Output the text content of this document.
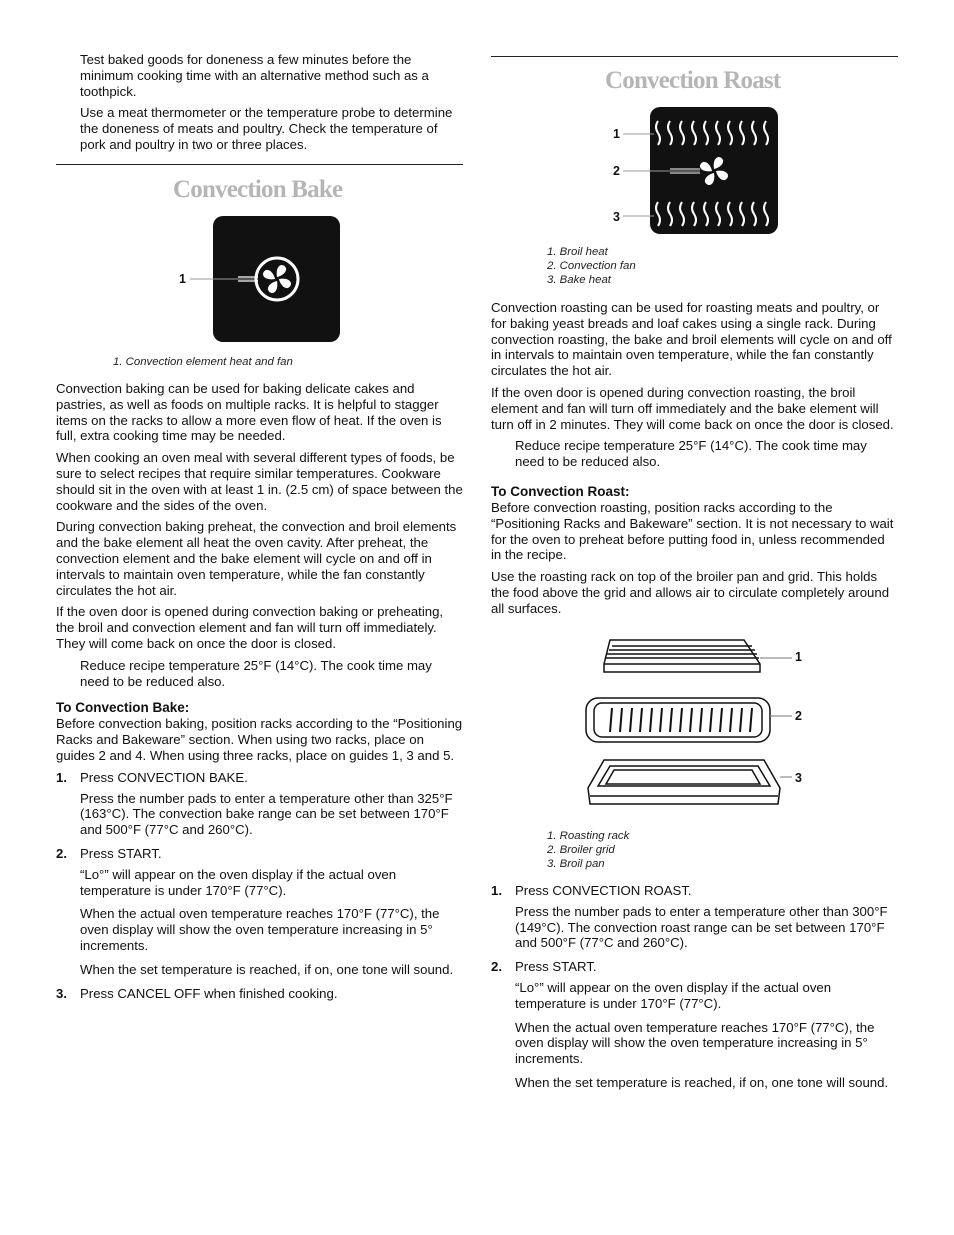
Test baked goods for doneness a few minutes before the minimum cooking time with an alternative method such as a toothpick.

Use a meat thermometer or the temperature probe to determine the doneness of meats and poultry. Check the temperature of pork and poultry in two or three places.

Convection Bake
1
1. Convection element heat and fan

Convection baking can be used for baking delicate cakes and pastries, as well as foods on multiple racks. It is helpful to stagger items on the racks to allow a more even flow of heat. If the oven is full, extra cooking time may be needed.

When cooking an oven meal with several different types of foods, be sure to select recipes that require similar temperatures. Cookware should sit in the oven with at least 1 in. (2.5 cm) of space between the cookware and the sides of the oven.

During convection baking preheat, the convection and broil elements and the bake element all heat the oven cavity. After preheat, the convection element and the bake element will cycle on and off in intervals to maintain oven temperature, while the fan constantly circulates the hot air.

If the oven door is opened during convection baking or preheating, the broil and convection element and fan will turn off immediately. They will come back on once the door is closed.

Reduce recipe temperature 25°F (14°C). The cook time may need to be reduced also.

To Convection Bake:

Before convection baking, position racks according to the “Positioning Racks and Bakeware” section. When using two racks, place on guides 2 and 4. When using three racks, place on guides 1, 3 and 5.

1. Press CONVECTION BAKE.

Press the number pads to enter a temperature other than 325°F (163°C). The convection bake range can be set between 170°F and 500°F (77°C and 260°C).

2. Press START.

“Lo°” will appear on the oven display if the actual oven temperature is under 170°F (77°C).

When the actual oven temperature reaches 170°F (77°C), the oven display will show the oven temperature increasing in 5° increments.

When the set temperature is reached, if on, one tone will sound.

3. Press CANCEL OFF when finished cooking.

Convection Roast
1
2
3
1. Broil heat
2. Convection fan
3. Bake heat

Convection roasting can be used for roasting meats and poultry, or for baking yeast breads and loaf cakes using a single rack. During convection roasting, the bake and broil elements will cycle on and off in intervals to maintain oven temperature, while the fan constantly circulates the hot air.

If the oven door is opened during convection roasting, the broil element and fan will turn off immediately and the bake element will turn off in 2 minutes. They will come back on once the door is closed.

Reduce recipe temperature 25°F (14°C). The cook time may need to be reduced also.

To Convection Roast:

Before convection roasting, position racks according to the “Positioning Racks and Bakeware” section. It is not necessary to wait for the oven to preheat before putting food in, unless recommended in the recipe.

Use the roasting rack on top of the broiler pan and grid. This holds the food above the grid and allows air to circulate completely around all surfaces.

1
2
3
1. Roasting rack
2. Broiler grid
3. Broil pan
1. Press CONVECTION ROAST.

Press the number pads to enter a temperature other than 300°F (149°C). The convection roast range can be set between 170°F and 500°F (77°C and 260°C).

2. Press START.

“Lo°” will appear on the oven display if the actual oven temperature is under 170°F (77°C).

When the actual oven temperature reaches 170°F (77°C), the oven display will show the oven temperature increasing in 5° increments.

When the set temperature is reached, if on, one tone will sound.
